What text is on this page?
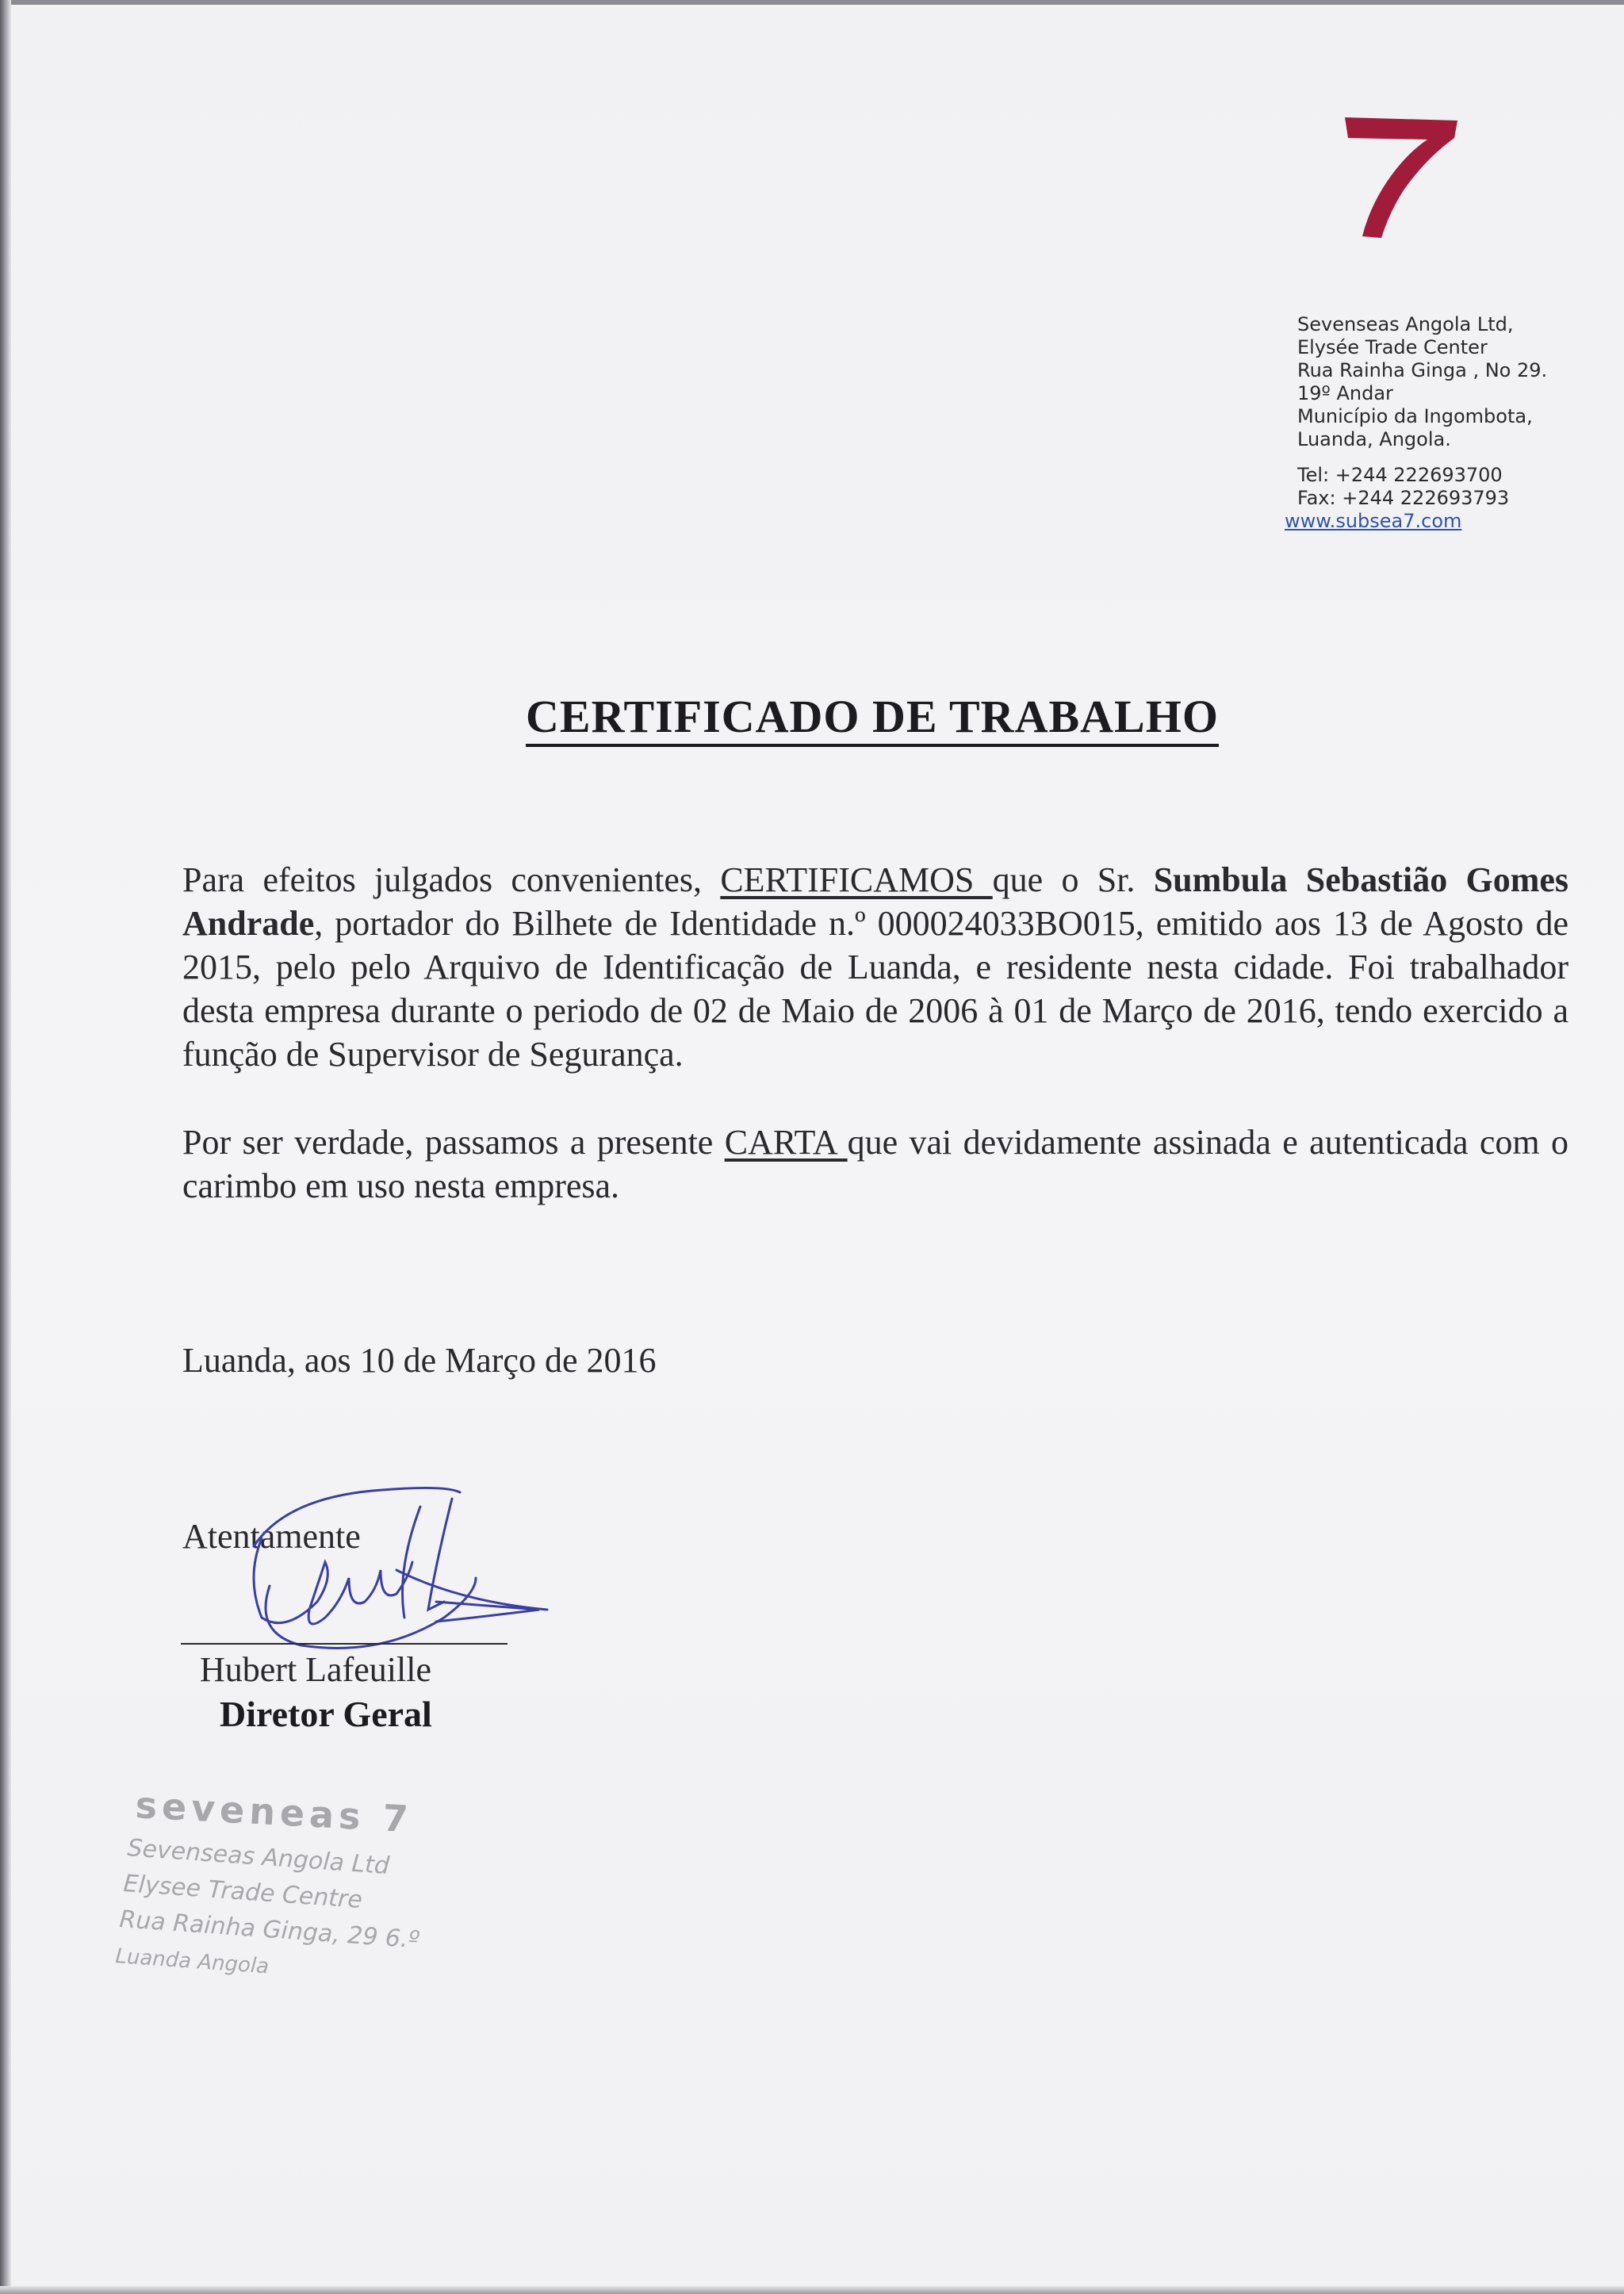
Sevenseas Angola Ltd,
Elysée Trade Center
Rua Rainha Ginga , No 29.
19º Andar
Município da Ingombota,
Luanda, Angola.
Tel: +244 222693700
Fax: +244 222693793
www.subsea7.com
CERTIFICADO DE TRABALHO
Para efeitos julgados convenientes, CERTIFICAMOS que o Sr. Sumbula Sebastião Gomes Andrade, portador do Bilhete de Identidade n.º 000024033BO015, emitido aos 13 de Agosto de 2015, pelo pelo Arquivo de Identificação de Luanda, e residente nesta cidade. Foi trabalhador desta empresa durante o periodo de 02 de Maio de 2006 à 01 de Março de 2016, tendo exercido a função de Supervisor de Segurança.
Por ser verdade, passamos a presente CARTA que vai devidamente assinada e autenticada com o carimbo em uso nesta empresa.
Luanda, aos 10 de Março de 2016
Atentamente
Hubert Lafeuille
Diretor Geral
seveneas 7
Sevenseas Angola Ltd
Elysee Trade Centre
Rua Rainha Ginga, 29 6.º
Luanda Angola
